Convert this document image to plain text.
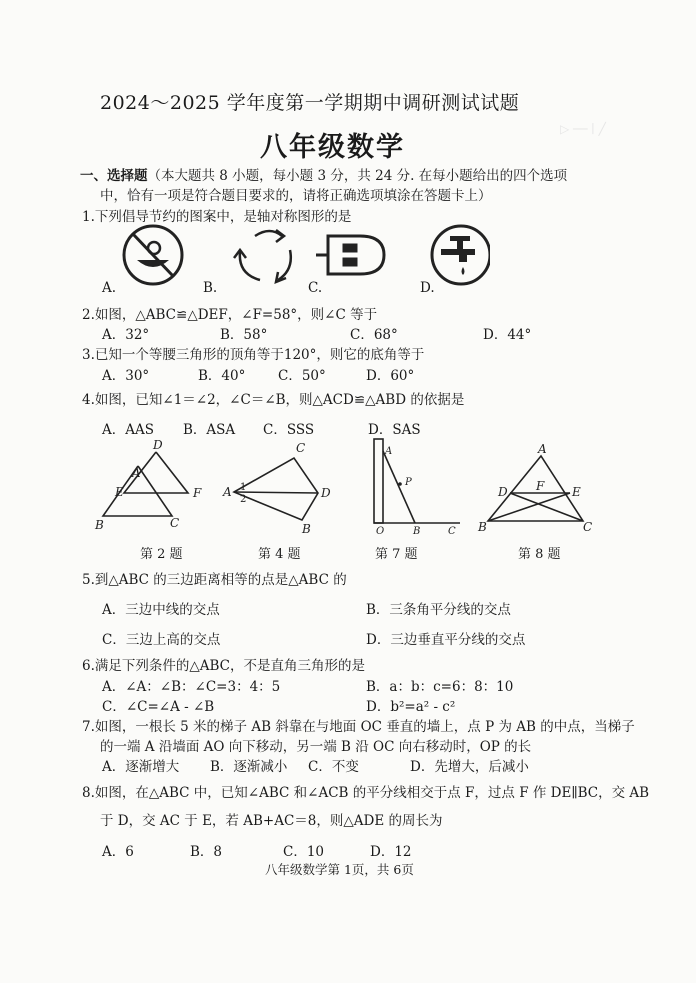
▷ ── ∣ ╱
2024～2025 学年度第一学期期中调研测试试题
八年级数学
一、选择题（本大题共 8 小题，每小题 3 分，共 24 分. 在每小题给出的四个选项
中，恰有一项是符合题目要求的，请将正确选项填涂在答题卡上）
1.下列倡导节约的图案中，是轴对称图形的是
A.	B.	C.	D.
2.如图，△ABC≌△DEF，∠F=58°，则∠C 等于
A．32°	B．58°	C．68°	D．44°
3.已知一个等腰三角形的顶角等于120°，则它的底角等于
A．30°	B．40° C．50°	D．60°
4.如图，已知∠1＝∠2，∠C＝∠B，则△ACD≌△ABD 的依据是
A．AAS B．ASA C．SSS	D．SAS
D
A
E	F
B	C
C
A 1
2	D
B
A
P
O	B	C
A
D F E
B	C
第 2 题	第 4 题	第 7 题	第 8 题
5.到△ABC 的三边距离相等的点是△ABC 的
A．三边中线的交点	B．三条角平分线的交点
C．三边上高的交点	D．三边垂直平分线的交点
6.满足下列条件的△ABC，不是直角三角形的是
A．∠A：∠B：∠C=3：4：5	B．a：b：c=6：8：10
C．∠C=∠A - ∠B	D．b²=a² - c²
7.如图，一根长 5 米的梯子 AB 斜靠在与地面 OC 垂直的墙上，点 P 为 AB 的中点，当梯子
的一端 A 沿墙面 AO 向下移动，另一端 B 沿 OC 向右移动时，OP 的长
A．逐渐增大 B．逐渐减小 C．不变	D．先增大，后减小
8.如图，在△ABC 中，已知∠ABC 和∠ACB 的平分线相交于点 F，过点 F 作 DE∥BC，交 AB
于 D，交 AC 于 E，若 AB+AC＝8，则△ADE 的周长为
A．6	B．8	C．10	D．12
八年级数学第 1页，共 6页
